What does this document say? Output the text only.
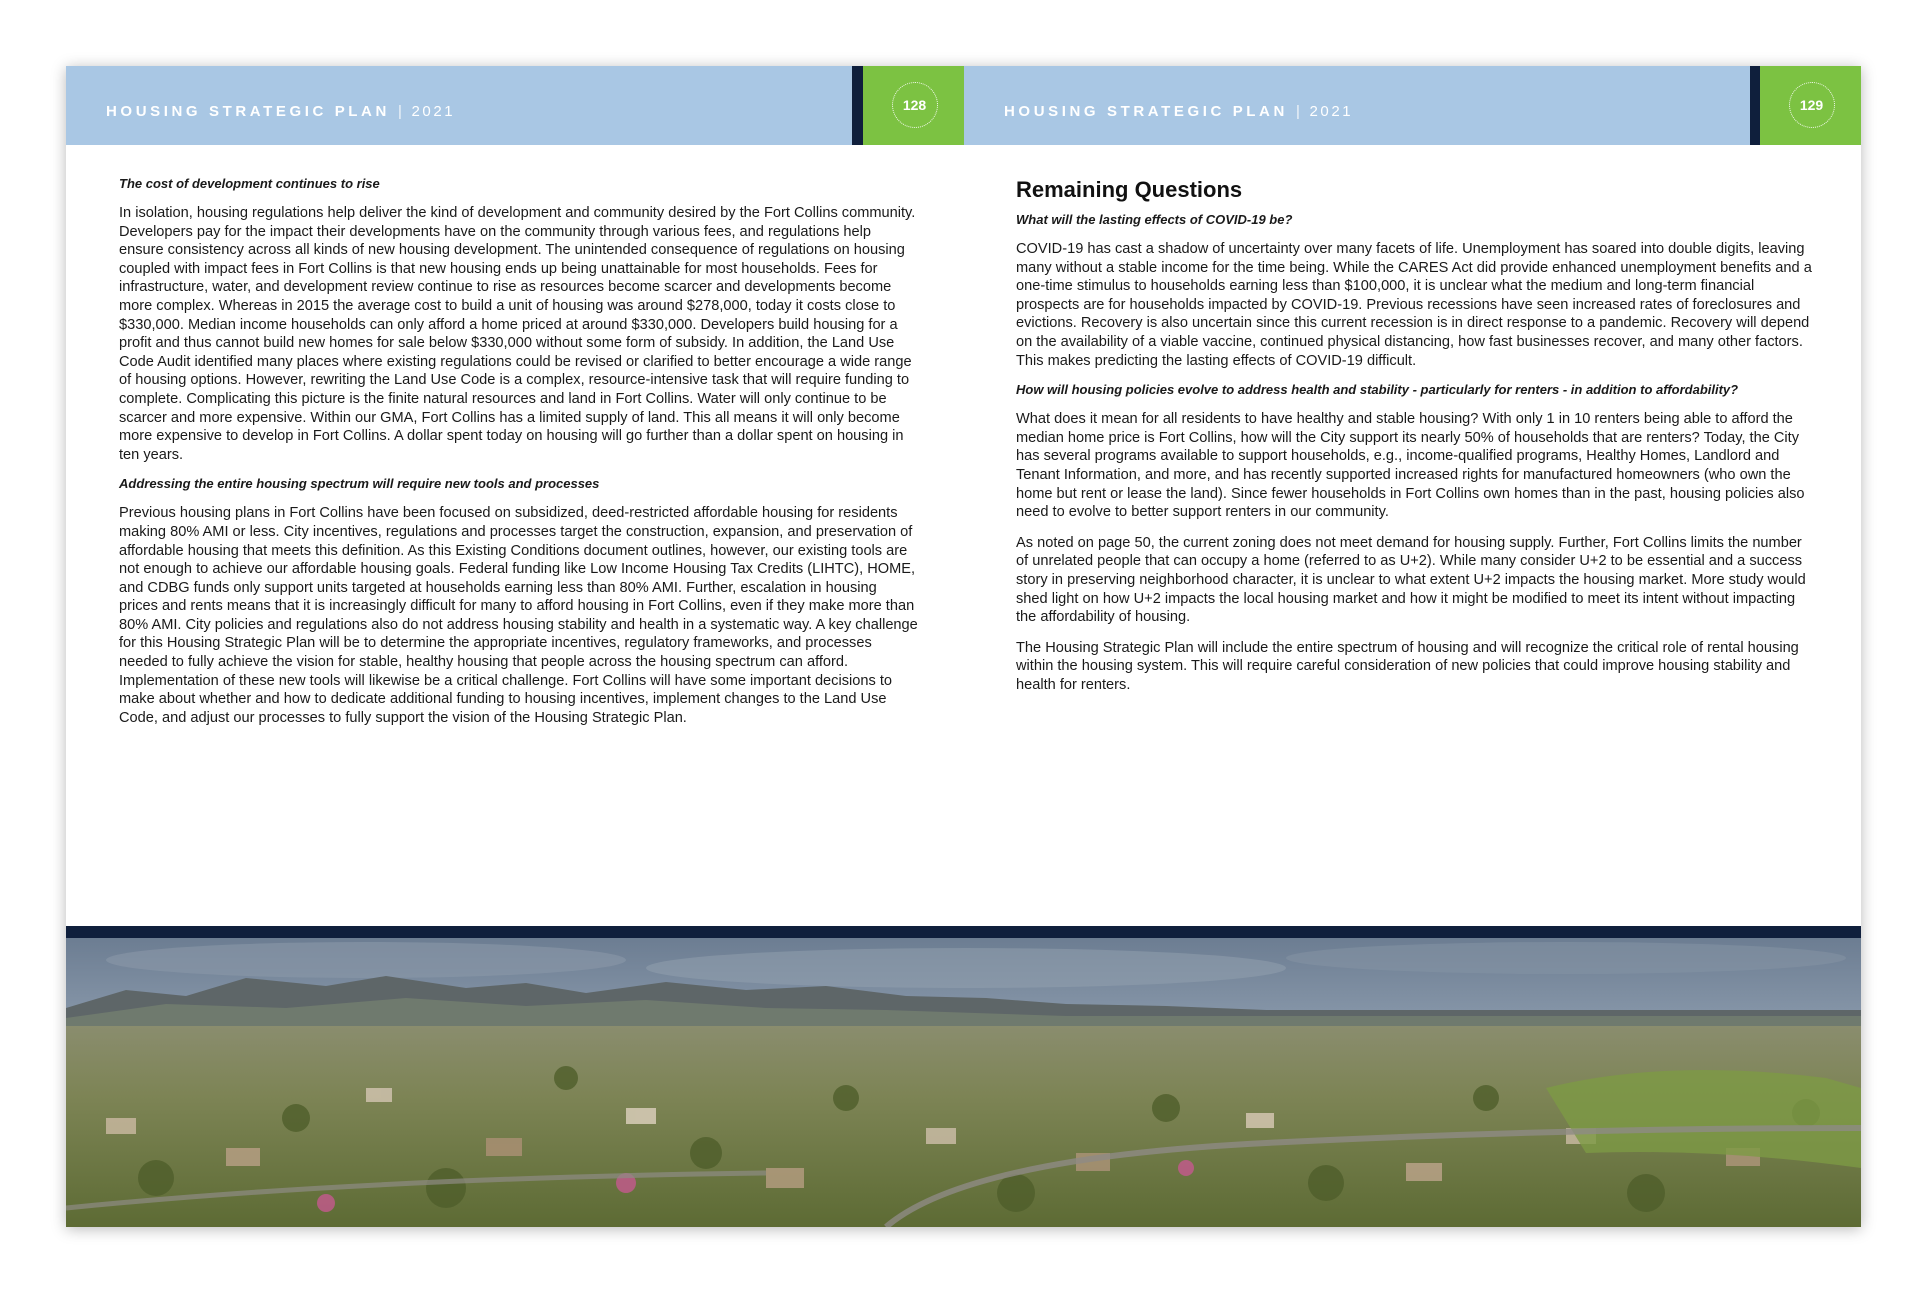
HOUSING STRATEGIC PLAN | 2021	128	HOUSING STRATEGIC PLAN | 2021	129
The cost of development continues to rise

In isolation, housing regulations help deliver the kind of development and community desired by the Fort Collins community. Developers pay for the impact their developments have on the community through various fees, and regulations help ensure consistency across all kinds of new housing development. The unintended consequence of regulations on housing coupled with impact fees in Fort Collins is that new housing ends up being unattainable for most households. Fees for infrastructure, water, and development review continue to rise as resources become scarcer and developments become more complex. Whereas in 2015 the average cost to build a unit of housing was around $278,000, today it costs close to $330,000. Median income households can only afford a home priced at around $330,000. Developers build housing for a profit and thus cannot build new homes for sale below $330,000 without some form of subsidy. In addition, the Land Use Code Audit identified many places where existing regulations could be revised or clarified to better encourage a wide range of housing options. However, rewriting the Land Use Code is a complex, resource-intensive task that will require funding to complete. Complicating this picture is the finite natural resources and land in Fort Collins. Water will only continue to be scarcer and more expensive. Within our GMA, Fort Collins has a limited supply of land. This all means it will only become more expensive to develop in Fort Collins. A dollar spent today on housing will go further than a dollar spent on housing in ten years.

Addressing the entire housing spectrum will require new tools and processes

Previous housing plans in Fort Collins have been focused on subsidized, deed-restricted affordable housing for residents making 80% AMI or less. City incentives, regulations and processes target the construction, expansion, and preservation of affordable housing that meets this definition. As this Existing Conditions document outlines, however, our existing tools are not enough to achieve our affordable housing goals. Federal funding like Low Income Housing Tax Credits (LIHTC), HOME, and CDBG funds only support units targeted at households earning less than 80% AMI. Further, escalation in housing prices and rents means that it is increasingly difficult for many to afford housing in Fort Collins, even if they make more than 80% AMI. City policies and regulations also do not address housing stability and health in a systematic way. A key challenge for this Housing Strategic Plan will be to determine the appropriate incentives, regulatory frameworks, and processes needed to fully achieve the vision for stable, healthy housing that people across the housing spectrum can afford. Implementation of these new tools will likewise be a critical challenge. Fort Collins will have some important decisions to make about whether and how to dedicate additional funding to housing incentives, implement changes to the Land Use Code, and adjust our processes to fully support the vision of the Housing Strategic Plan.

Remaining Questions
What will the lasting effects of COVID-19 be?

COVID-19 has cast a shadow of uncertainty over many facets of life. Unemployment has soared into double digits, leaving many without a stable income for the time being. While the CARES Act did provide enhanced unemployment benefits and a one-time stimulus to households earning less than $100,000, it is unclear what the medium and long-term financial prospects are for households impacted by COVID-19. Previous recessions have seen increased rates of foreclosures and evictions. Recovery is also uncertain since this current recession is in direct response to a pandemic. Recovery will depend on the availability of a viable vaccine, continued physical distancing, how fast businesses recover, and many other factors. This makes predicting the lasting effects of COVID-19 difficult.

How will housing policies evolve to address health and stability - particularly for renters - in addition to affordability?

What does it mean for all residents to have healthy and stable housing? With only 1 in 10 renters being able to afford the median home price is Fort Collins, how will the City support its nearly 50% of households that are renters? Today, the City has several programs available to support households, e.g., income-qualified programs, Healthy Homes, Landlord and Tenant Information, and more, and has recently supported increased rights for manufactured homeowners (who own the home but rent or lease the land). Since fewer households in Fort Collins own homes than in the past, housing policies also need to evolve to better support renters in our community.

As noted on page 50, the current zoning does not meet demand for housing supply. Further, Fort Collins limits the number of unrelated people that can occupy a home (referred to as U+2). While many consider U+2 to be essential and a success story in preserving neighborhood character, it is unclear to what extent U+2 impacts the housing market. More study would shed light on how U+2 impacts the local housing market and how it might be modified to meet its intent without impacting the affordability of housing.

The Housing Strategic Plan will include the entire spectrum of housing and will recognize the critical role of rental housing within the housing system. This will require careful consideration of new policies that could improve housing stability and health for renters.
